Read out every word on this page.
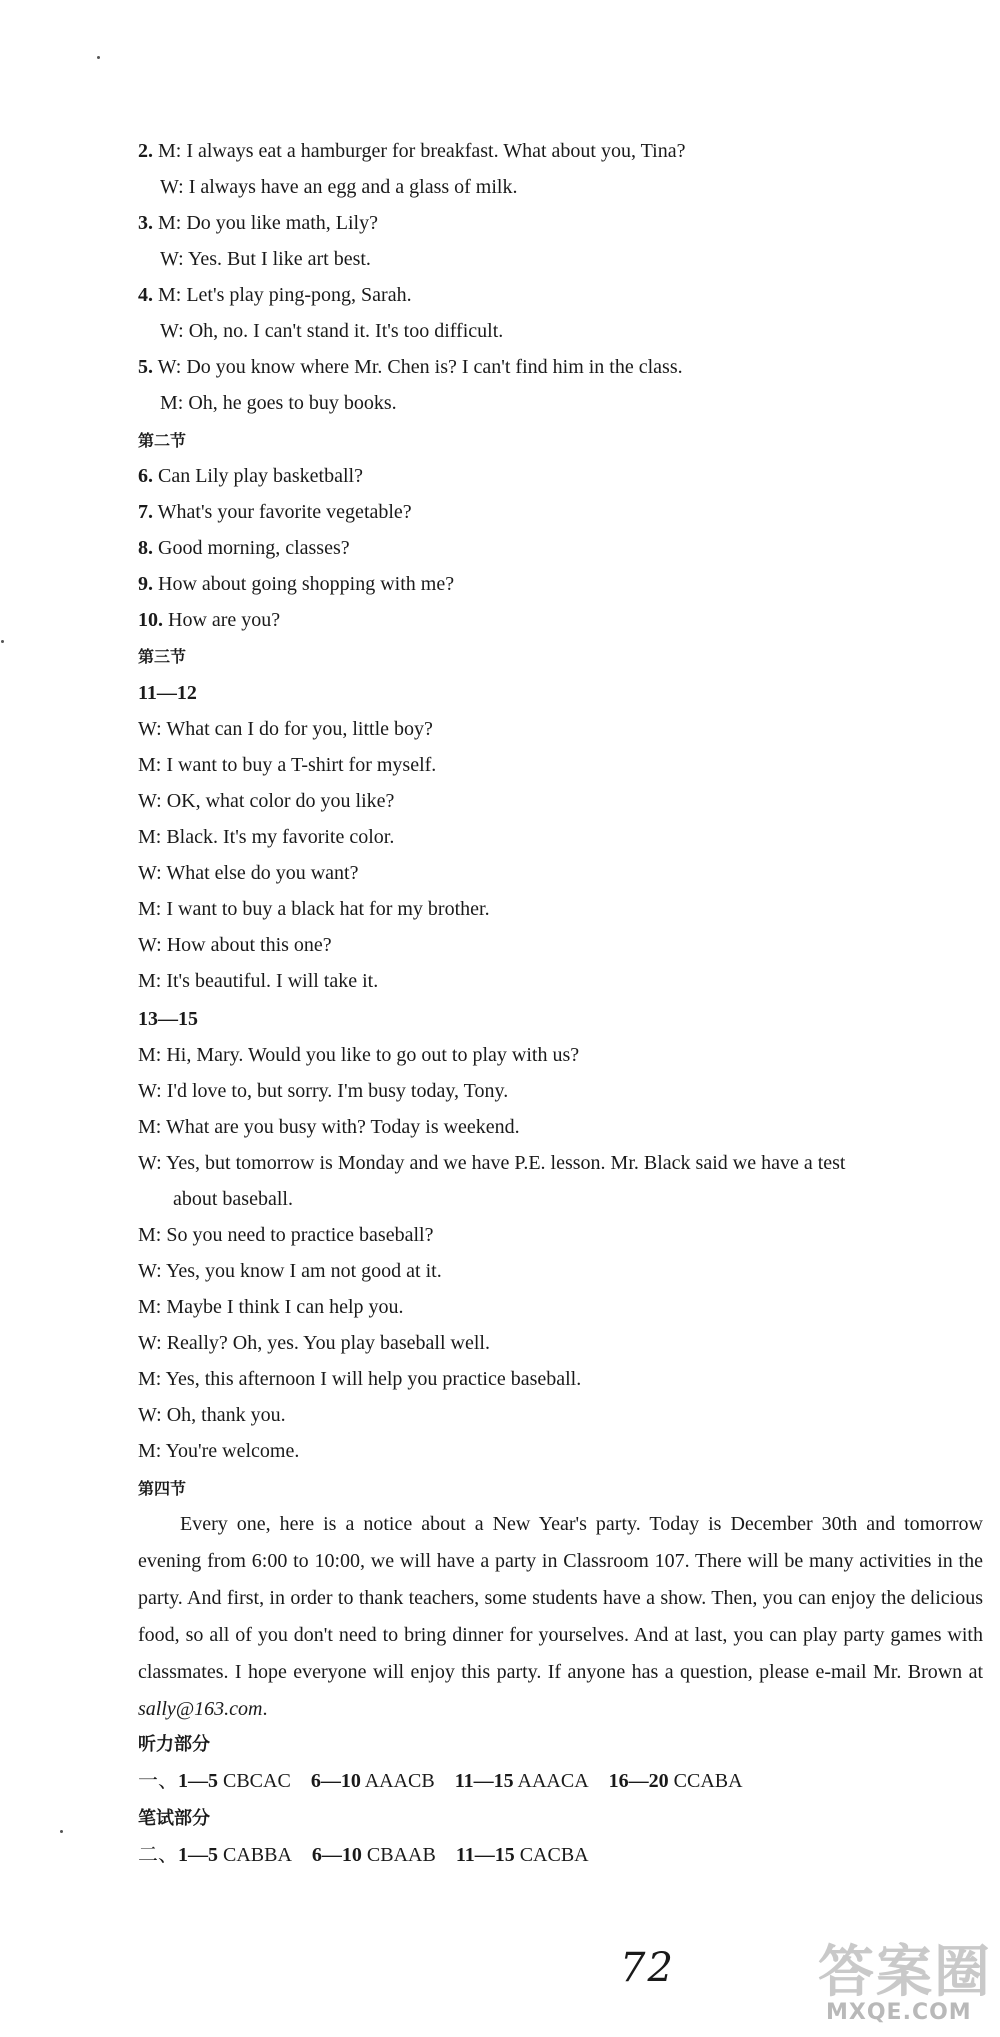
2. M: I always eat a hamburger for breakfast. What about you, Tina?
W: I always have an egg and a glass of milk.
3. M: Do you like math, Lily?
W: Yes. But I like art best.
4. M: Let's play ping-pong, Sarah.
W: Oh, no. I can't stand it. It's too difficult.
5. W: Do you know where Mr. Chen is? I can't find him in the class.
M: Oh, he goes to buy books.
第二节
6. Can Lily play basketball?
7. What's your favorite vegetable?
8. Good morning, classes?
9. How about going shopping with me?
10. How are you?
第三节
11—12
W: What can I do for you, little boy?
M: I want to buy a T-shirt for myself.
W: OK, what color do you like?
M: Black. It's my favorite color.
W: What else do you want?
M: I want to buy a black hat for my brother.
W: How about this one?
M: It's beautiful. I will take it.
13—15
M: Hi, Mary. Would you like to go out to play with us?
W: I'd love to, but sorry. I'm busy today, Tony.
M: What are you busy with? Today is weekend.
W: Yes, but tomorrow is Monday and we have P.E. lesson. Mr. Black said we have a test
about baseball.
M: So you need to practice baseball?
W: Yes, you know I am not good at it.
M: Maybe I think I can help you.
W: Really? Oh, yes. You play baseball well.
M: Yes, this afternoon I will help you practice baseball.
W: Oh, thank you.
M: You're welcome.
第四节
Every one, here is a notice about a New Year's party. Today is December 30th and tomorrow evening from 6:00 to 10:00, we will have a party in Classroom 107. There will be many activities in the party. And first, in order to thank teachers, some students have a show. Then, you can enjoy the delicious food, so all of you don't need to bring dinner for yourselves. And at last, you can play party games with classmates. I hope everyone will enjoy this party. If anyone has a question, please e-mail Mr. Brown at sally@163.com.
听力部分
一、1—5 CBCAC 6—10 AAACB 11—15 AAACA 16—20 CCABA
笔试部分
二、1—5 CABBA 6—10 CBAAB 11—15 CACBA
72	答案圈
MXQE.COM
